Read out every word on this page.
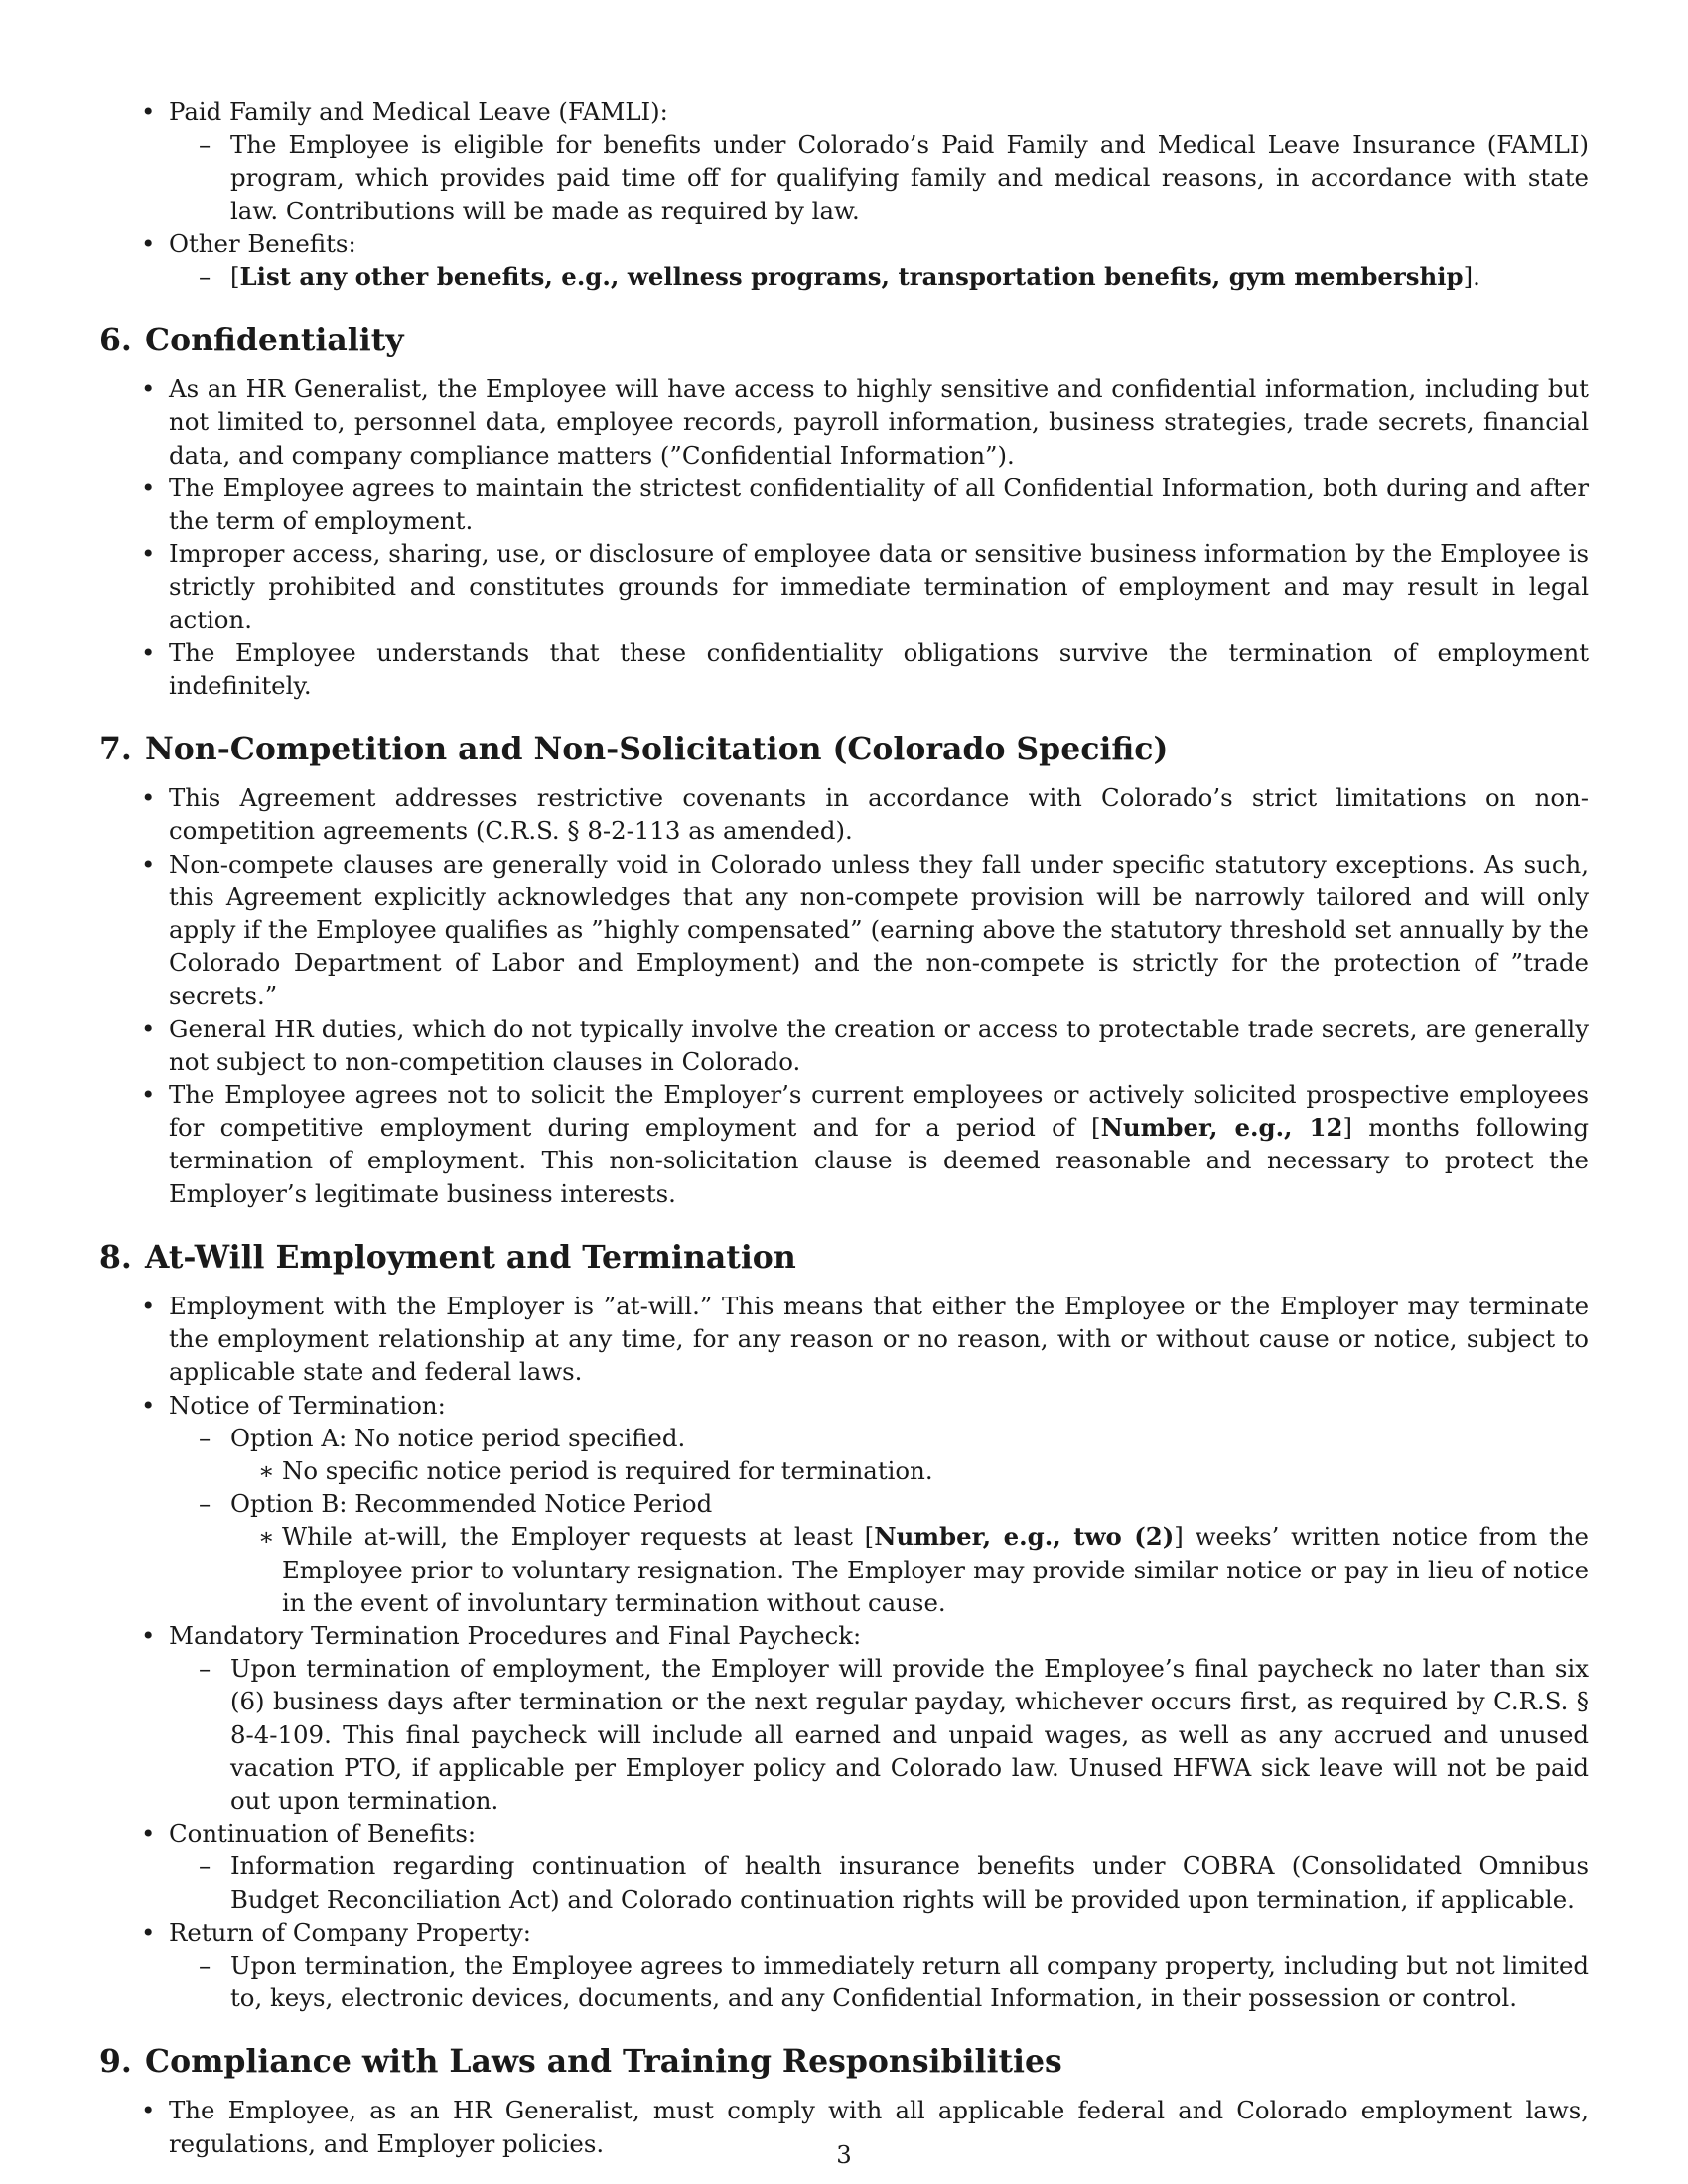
• Paid Family and Medical Leave (FAMLI):
– The Employee is eligible for benefits under Colorado’s Paid Family and Medical Leave Insurance (FAMLI) program, which provides paid time off for qualifying family and medical reasons, in accordance with state law. Contributions will be made as required by law.
• Other Benefits:
– [List any other benefits, e.g., wellness programs, transportation benefits, gym membership].
6. Confidentiality
• As an HR Generalist, the Employee will have access to highly sensitive and confidential information, including but not limited to, personnel data, employee records, payroll information, business strategies, trade secrets, financial data, and company compliance matters (”Confidential Information”).
• The Employee agrees to maintain the strictest confidentiality of all Confidential Information, both during and after the term of employment.
• Improper access, sharing, use, or disclosure of employee data or sensitive business information by the Employee is strictly prohibited and constitutes grounds for immediate termination of employment and may result in legal action.
• The Employee understands that these confidentiality obligations survive the termination of employment indefinitely.
7. Non-Competition and Non-Solicitation (Colorado Specific)
• This Agreement addresses restrictive covenants in accordance with Colorado’s strict limitations on non-competition agreements (C.R.S. § 8-2-113 as amended).
• Non-compete clauses are generally void in Colorado unless they fall under specific statutory exceptions. As such, this Agreement explicitly acknowledges that any non-compete provision will be narrowly tailored and will only apply if the Employee qualifies as ”highly compensated” (earning above the statutory threshold set annually by the Colorado Department of Labor and Employment) and the non-compete is strictly for the protection of ”trade secrets.”
• General HR duties, which do not typically involve the creation or access to protectable trade secrets, are generally not subject to non-competition clauses in Colorado.
• The Employee agrees not to solicit the Employer’s current employees or actively solicited prospective employees for competitive employment during employment and for a period of [Number, e.g., 12] months following termination of employment. This non-solicitation clause is deemed reasonable and necessary to protect the Employer’s legitimate business interests.
8. At-Will Employment and Termination
• Employment with the Employer is ”at-will.” This means that either the Employee or the Employer may terminate the employment relationship at any time, for any reason or no reason, with or without cause or notice, subject to applicable state and federal laws.
• Notice of Termination:
– Option A: No notice period specified.
∗ No specific notice period is required for termination.
– Option B: Recommended Notice Period
∗ While at-will, the Employer requests at least [Number, e.g., two (2)] weeks’ written notice from the Employee prior to voluntary resignation. The Employer may provide similar notice or pay in lieu of notice in the event of involuntary termination without cause.
• Mandatory Termination Procedures and Final Paycheck:
– Upon termination of employment, the Employer will provide the Employee’s final paycheck no later than six (6) business days after termination or the next regular payday, whichever occurs first, as required by C.R.S. § 8-4-109. This final paycheck will include all earned and unpaid wages, as well as any accrued and unused vacation PTO, if applicable per Employer policy and Colorado law. Unused HFWA sick leave will not be paid out upon termination.
• Continuation of Benefits:
– Information regarding continuation of health insurance benefits under COBRA (Consolidated Omnibus Budget Reconciliation Act) and Colorado continuation rights will be provided upon termination, if applicable.
• Return of Company Property:
– Upon termination, the Employee agrees to immediately return all company property, including but not limited to, keys, electronic devices, documents, and any Confidential Information, in their possession or control.
9. Compliance with Laws and Training Responsibilities
• The Employee, as an HR Generalist, must comply with all applicable federal and Colorado employment laws, regulations, and Employer policies.	3
